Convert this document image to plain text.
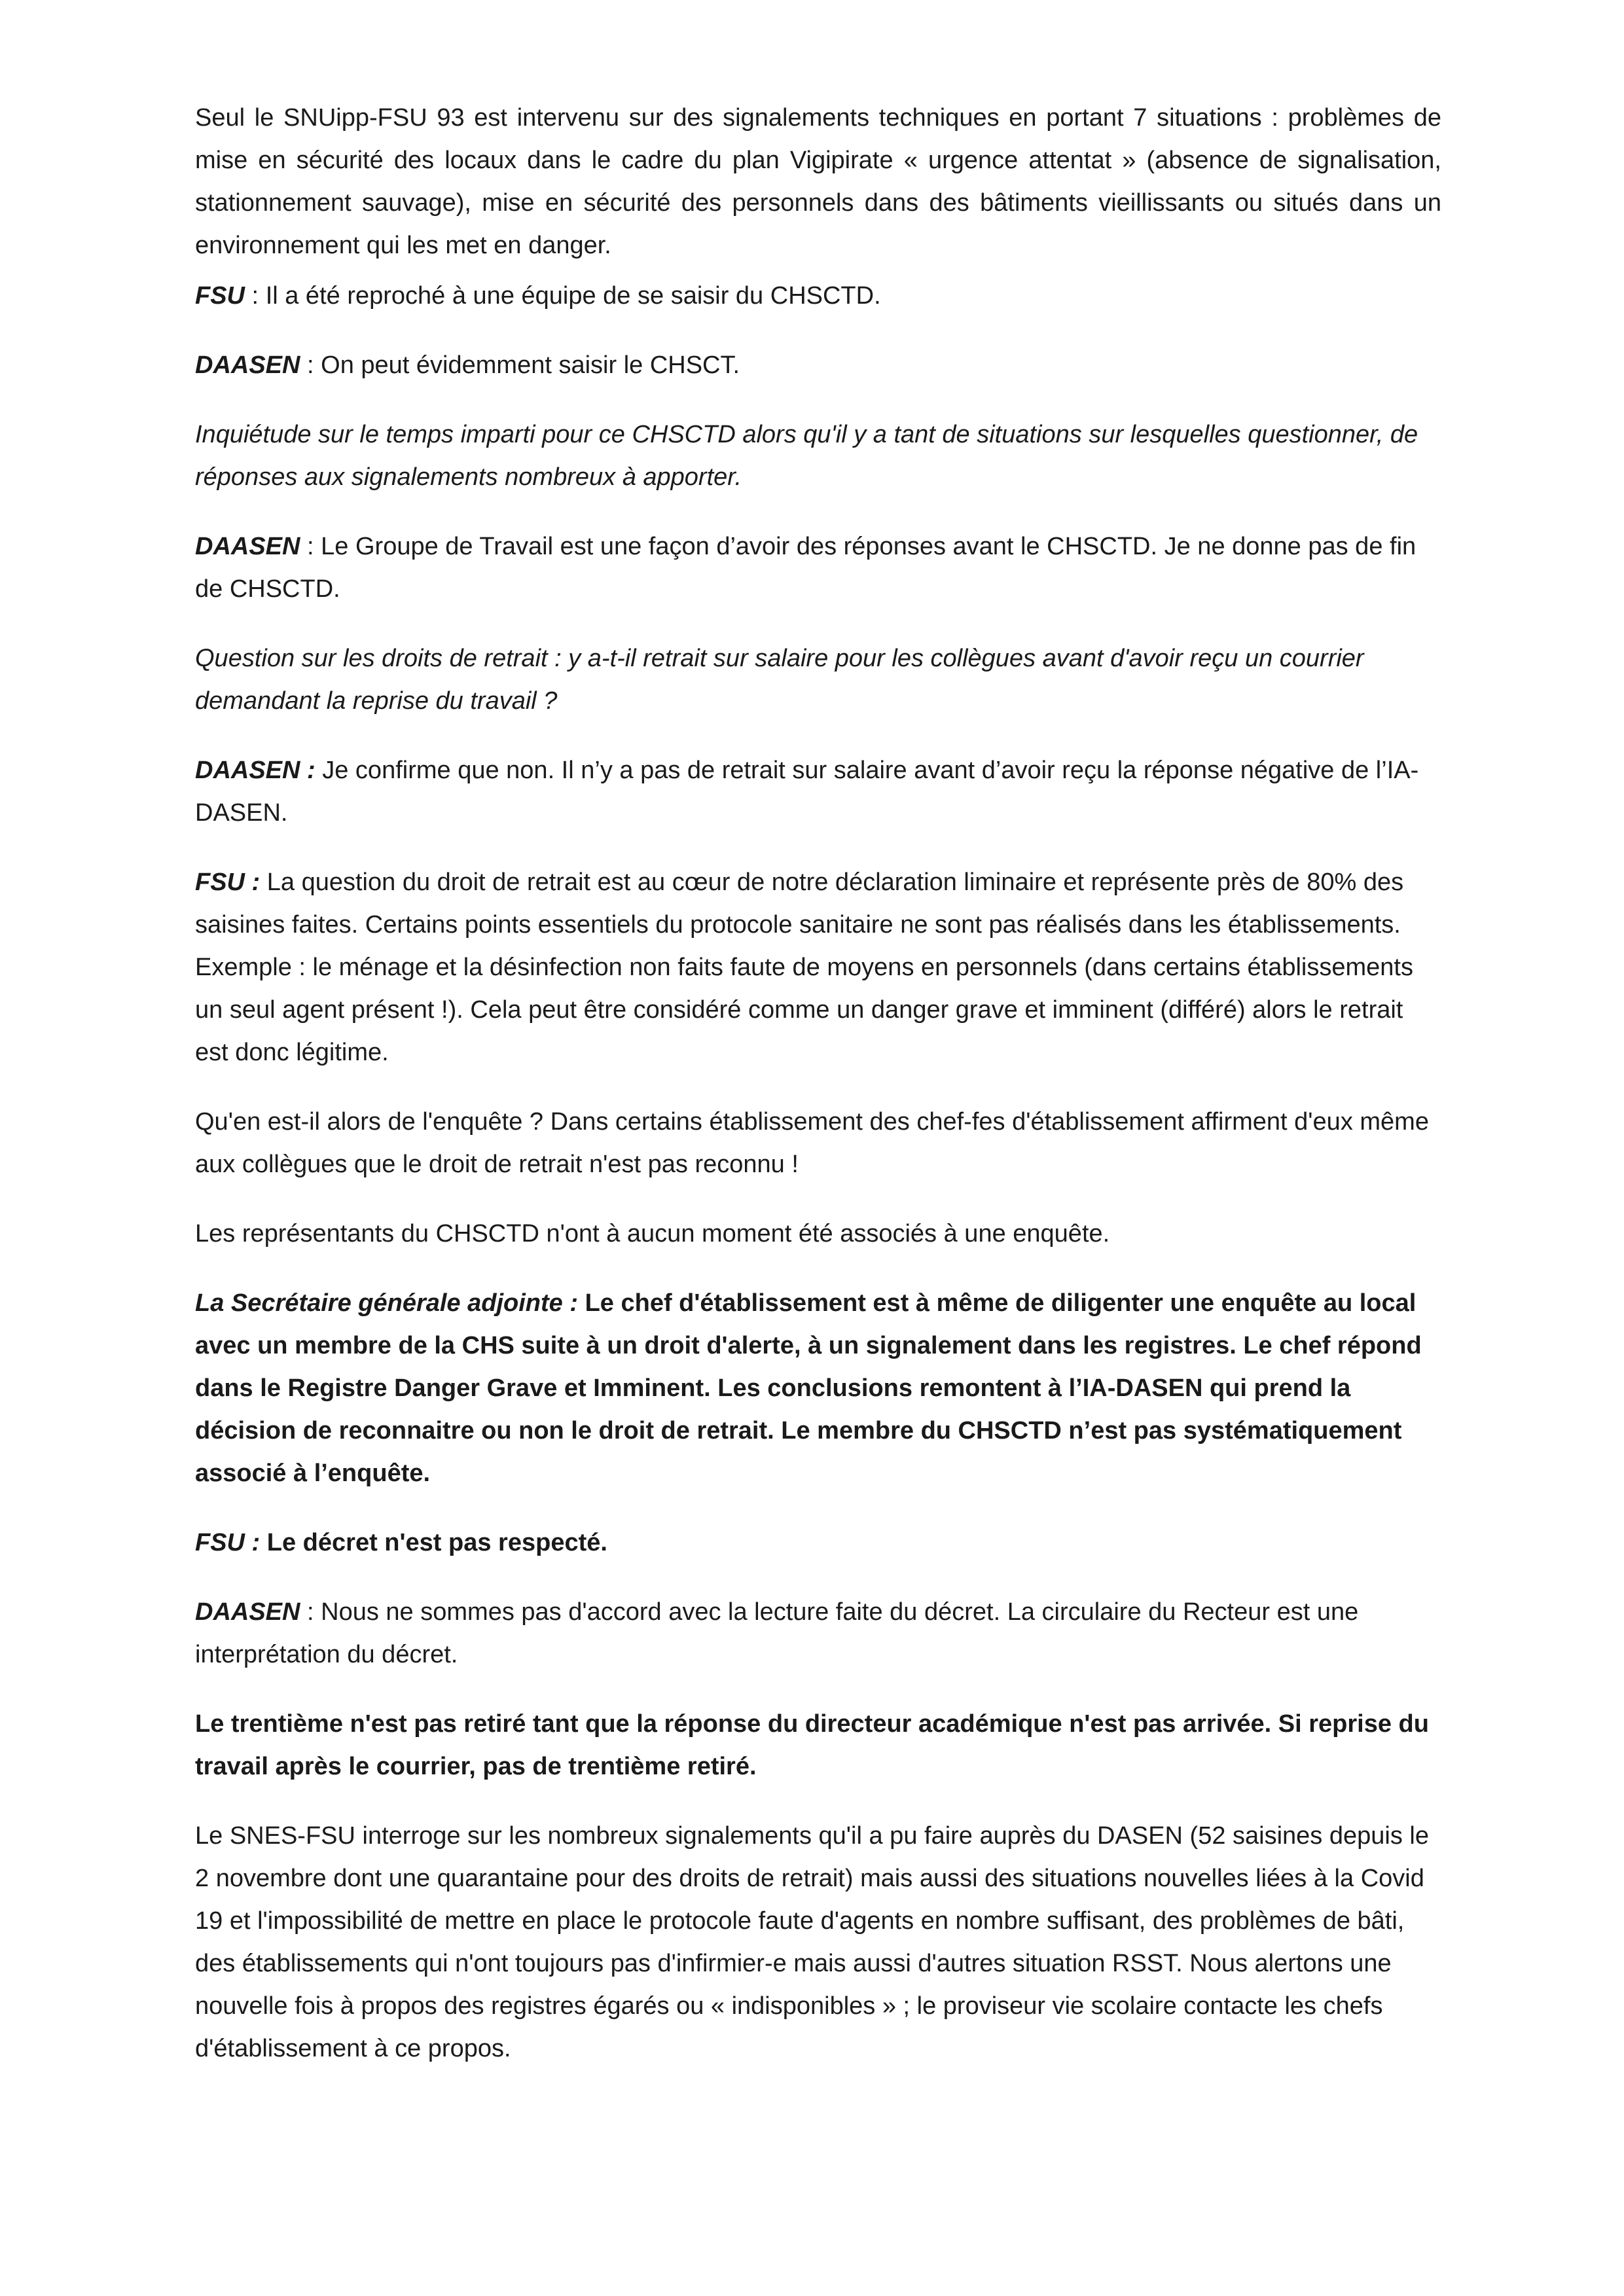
Seul le SNUipp-FSU 93 est intervenu sur des signalements techniques en portant 7 situations : problèmes de mise en sécurité des locaux dans le cadre du plan Vigipirate « urgence attentat » (absence de signalisation, stationnement sauvage), mise en sécurité des personnels dans des bâtiments vieillissants ou situés dans un environnement qui les met en danger.

FSU : Il a été reproché à une équipe de se saisir du CHSCTD.

DAASEN : On peut évidemment saisir le CHSCT.

Inquiétude sur le temps imparti pour ce CHSCTD alors qu'il y a tant de situations sur lesquelles questionner, de réponses aux signalements nombreux à apporter.

DAASEN : Le Groupe de Travail est une façon d’avoir des réponses avant le CHSCTD. Je ne donne pas de fin de CHSCTD.

Question sur les droits de retrait : y a-t-il retrait sur salaire pour les collègues avant d'avoir reçu un courrier demandant la reprise du travail ?

DAASEN : Je confirme que non. Il n’y a pas de retrait sur salaire avant d’avoir reçu la réponse négative de l’IA-DASEN.

FSU : La question du droit de retrait est au cœur de notre déclaration liminaire et représente près de 80% des saisines faites. Certains points essentiels du protocole sanitaire ne sont pas réalisés dans les établissements. Exemple : le ménage et la désinfection non faits faute de moyens en personnels (dans certains établissements un seul agent présent !). Cela peut être considéré comme un danger grave et imminent (différé) alors le retrait est donc légitime.

Qu'en est-il alors de l'enquête ? Dans certains établissement des chef-fes d'établissement affirment d'eux même aux collègues que le droit de retrait n'est pas reconnu !

Les représentants du CHSCTD n'ont à aucun moment été associés à une enquête.

La Secrétaire générale adjointe : Le chef d'établissement est à même de diligenter une enquête au local avec un membre de la CHS suite à un droit d'alerte, à un signalement dans les registres. Le chef répond dans le Registre Danger Grave et Imminent. Les conclusions remontent à l’IA-DASEN qui prend la décision de reconnaitre ou non le droit de retrait. Le membre du CHSCTD n’est pas systématiquement associé à l’enquête.

FSU : Le décret n'est pas respecté.

DAASEN : Nous ne sommes pas d'accord avec la lecture faite du décret. La circulaire du Recteur est une interprétation du décret.

Le trentième n'est pas retiré tant que la réponse du directeur académique n'est pas arrivée. Si reprise du travail après le courrier, pas de trentième retiré.

Le SNES-FSU interroge sur les nombreux signalements qu'il a pu faire auprès du DASEN (52 saisines depuis le 2 novembre dont une quarantaine pour des droits de retrait) mais aussi des situations nouvelles liées à la Covid 19 et l'impossibilité de mettre en place le protocole faute d'agents en nombre suffisant, des problèmes de bâti, des établissements qui n'ont toujours pas d'infirmier-e mais aussi d'autres situation RSST. Nous alertons une nouvelle fois à propos des registres égarés ou « indisponibles » ; le proviseur vie scolaire contacte les chefs d'établissement à ce propos.
